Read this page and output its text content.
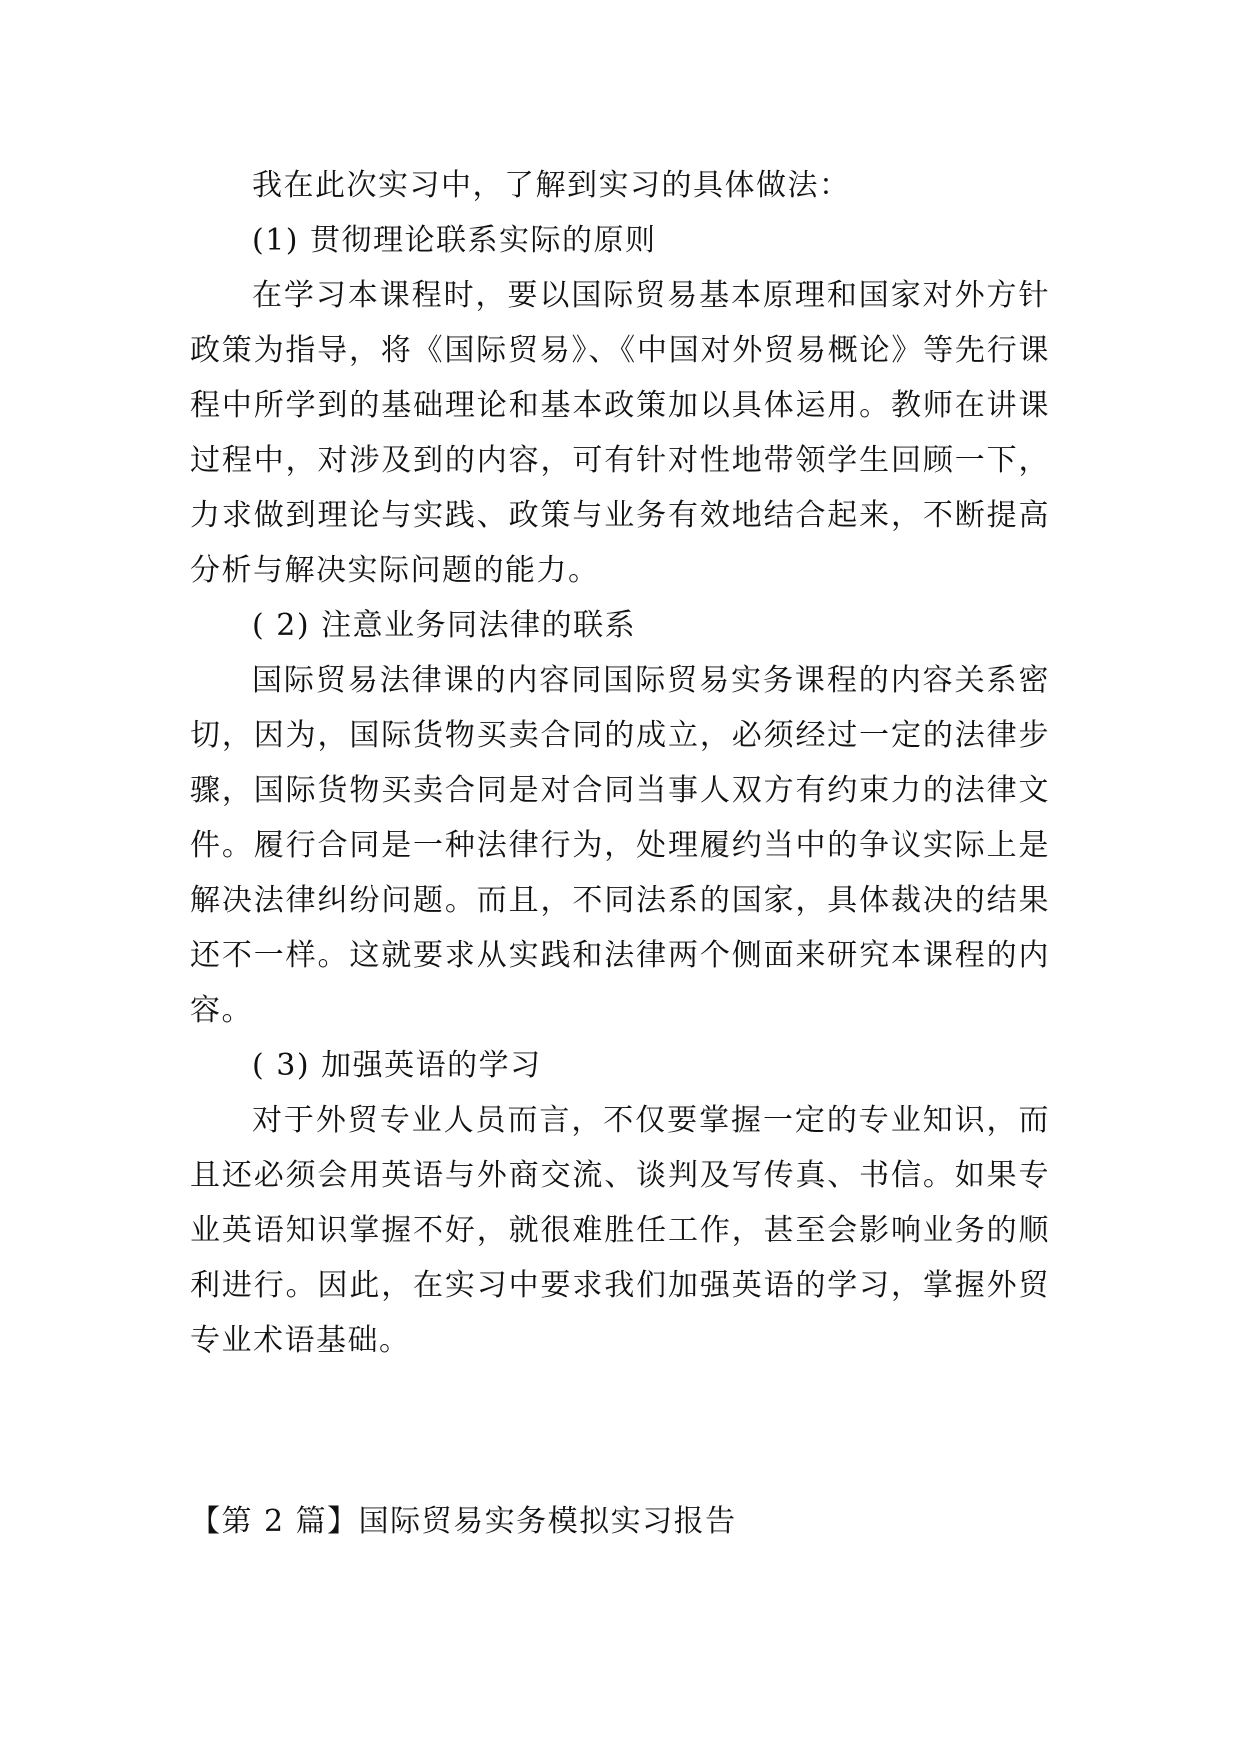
我在此次实习中，了解到实习的具体做法：

(1) 贯彻理论联系实际的原则

在学习本课程时，要以国际贸易基本原理和国家对外方针政策为指导，将《国际贸易》、《中国对外贸易概论》等先行课程中所学到的基础理论和基本政策加以具体运用。教师在讲课过程中，对涉及到的内容，可有针对性地带领学生回顾一下，力求做到理论与实践、政策与业务有效地结合起来，不断提高分析与解决实际问题的能力。

( 2) 注意业务同法律的联系

国际贸易法律课的内容同国际贸易实务课程的内容关系密切，因为，国际货物买卖合同的成立，必须经过一定的法律步骤，国际货物买卖合同是对合同当事人双方有约束力的法律文件。履行合同是一种法律行为，处理履约当中的争议实际上是解决法律纠纷问题。而且，不同法系的国家，具体裁决的结果还不一样。这就要求从实践和法律两个侧面来研究本课程的内容。

( 3) 加强英语的学习

对于外贸专业人员而言，不仅要掌握一定的专业知识，而且还必须会用英语与外商交流、谈判及写传真、书信。如果专业英语知识掌握不好，就很难胜任工作，甚至会影响业务的顺利进行。因此，在实习中要求我们加强英语的学习，掌握外贸专业术语基础。

【第 2 篇】国际贸易实务模拟实习报告
